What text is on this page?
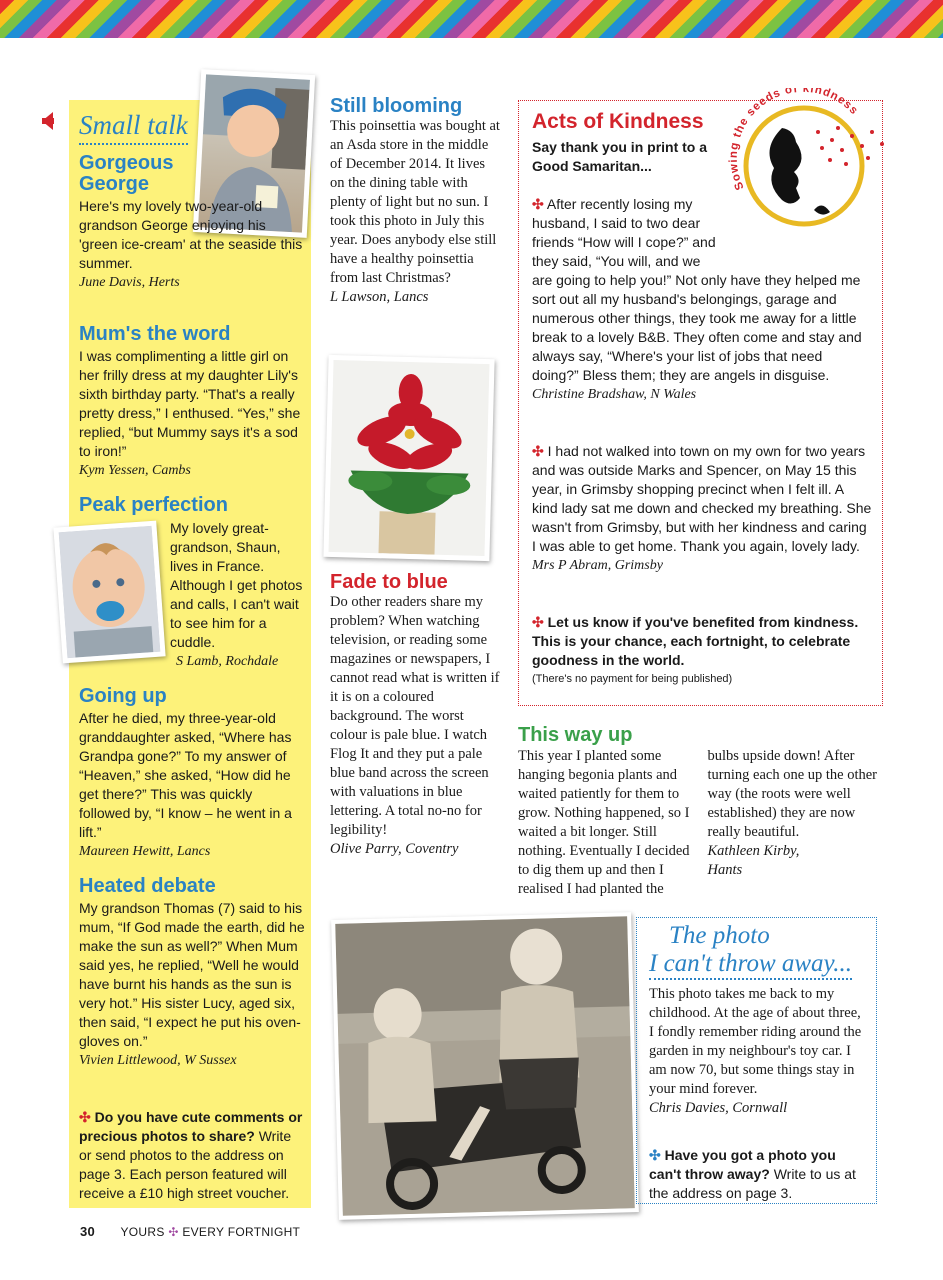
Small talk
Gorgeous George

Here's my lovely two-year-old grandson George enjoying his 'green ice-cream' at the seaside this summer.

June Davis, Herts

Mum's the word

I was complimenting a little girl on her frilly dress at my daughter Lily's sixth birthday party. “That's a really pretty dress,” I enthused. “Yes,” she replied, “but Mummy says it's a sod to iron!”

Kym Yessen, Cambs

Peak perfection

My lovely great-grandson, Shaun, lives in France. Although I get photos and calls, I can't wait to see him for a cuddle.

S Lamb, Rochdale

Going up

After he died, my three-year-old granddaughter asked, “Where has Grandpa gone?” To my answer of “Heaven,” she asked, “How did he get there?” This was quickly followed by, “I know – he went in a lift.”

Maureen Hewitt, Lancs

Heated debate

My grandson Thomas (7) said to his mum, “If God made the earth, did he make the sun as well?” When Mum said yes, he replied, “Well he would have burnt his hands as the sun is very hot.” His sister Lucy, aged six, then said, “I expect he put his oven-gloves on.”

Vivien Littlewood, W Sussex

✣ Do you have cute comments or precious photos to share? Write or send photos to the address on page 3. Each person featured will receive a £10 high street voucher.
Still blooming

This poinsettia was bought at an Asda store in the middle of December 2014. It lives on the dining table with plenty of light but no sun. I took this photo in July this year. Does anybody else still have a healthy poinsettia from last Christmas?

L Lawson, Lancs

Fade to blue

Do other readers share my problem? When watching television, or reading some magazines or newspapers, I cannot read what is written if it is on a coloured background. The worst colour is pale blue. I watch Flog It and they put a pale blue band across the screen with valuations in blue lettering. A total no-no for legibility!

Olive Parry, Coventry

Acts of Kindness
Say thank you in print to a Good Samaritan...
Sowing the seeds of kindness
✣ After recently losing my husband, I said to two dear friends “How will I cope?” and they said, “You will, and we

are going to help you!” Not only have they helped me sort out all my husband's belongings, garage and numerous other things, they took me away for a little break to a lovely B&B. They often come and stay and always say, “Where's your list of jobs that need doing?” Bless them; they are angels in disguise.

Christine Bradshaw, N Wales

✣ I had not walked into town on my own for two years and was outside Marks and Spencer, on May 15 this year, in Grimsby shopping precinct when I felt ill. A kind lady sat me down and checked my breathing. She wasn't from Grimsby, but with her kindness and caring I was able to get home. Thank you again, lovely lady.

Mrs P Abram, Grimsby

✣ Let us know if you've benefited from kindness. This is your chance, each fortnight, to celebrate goodness in the world.
(There's no payment for being published)
This way up

This year I planted some hanging begonia plants and waited patiently for them to grow. Nothing happened, so I waited a bit longer. Still nothing. Eventually I decided to dig them up and then I realised I had planted the bulbs upside down! After turning each one up the other way (the roots were well established) they are now really beautiful.

Kathleen Kirby, Hants

The photo
I can't throw away...

This photo takes me back to my childhood. At the age of about three, I fondly remember riding around the garden in my neighbour's toy car. I am now 70, but some things stay in your mind forever.

Chris Davies, Cornwall

✣ Have you got a photo you can't throw away? Write to us at the address on page 3.
30 YOURS ✣ EVERY FORTNIGHT
